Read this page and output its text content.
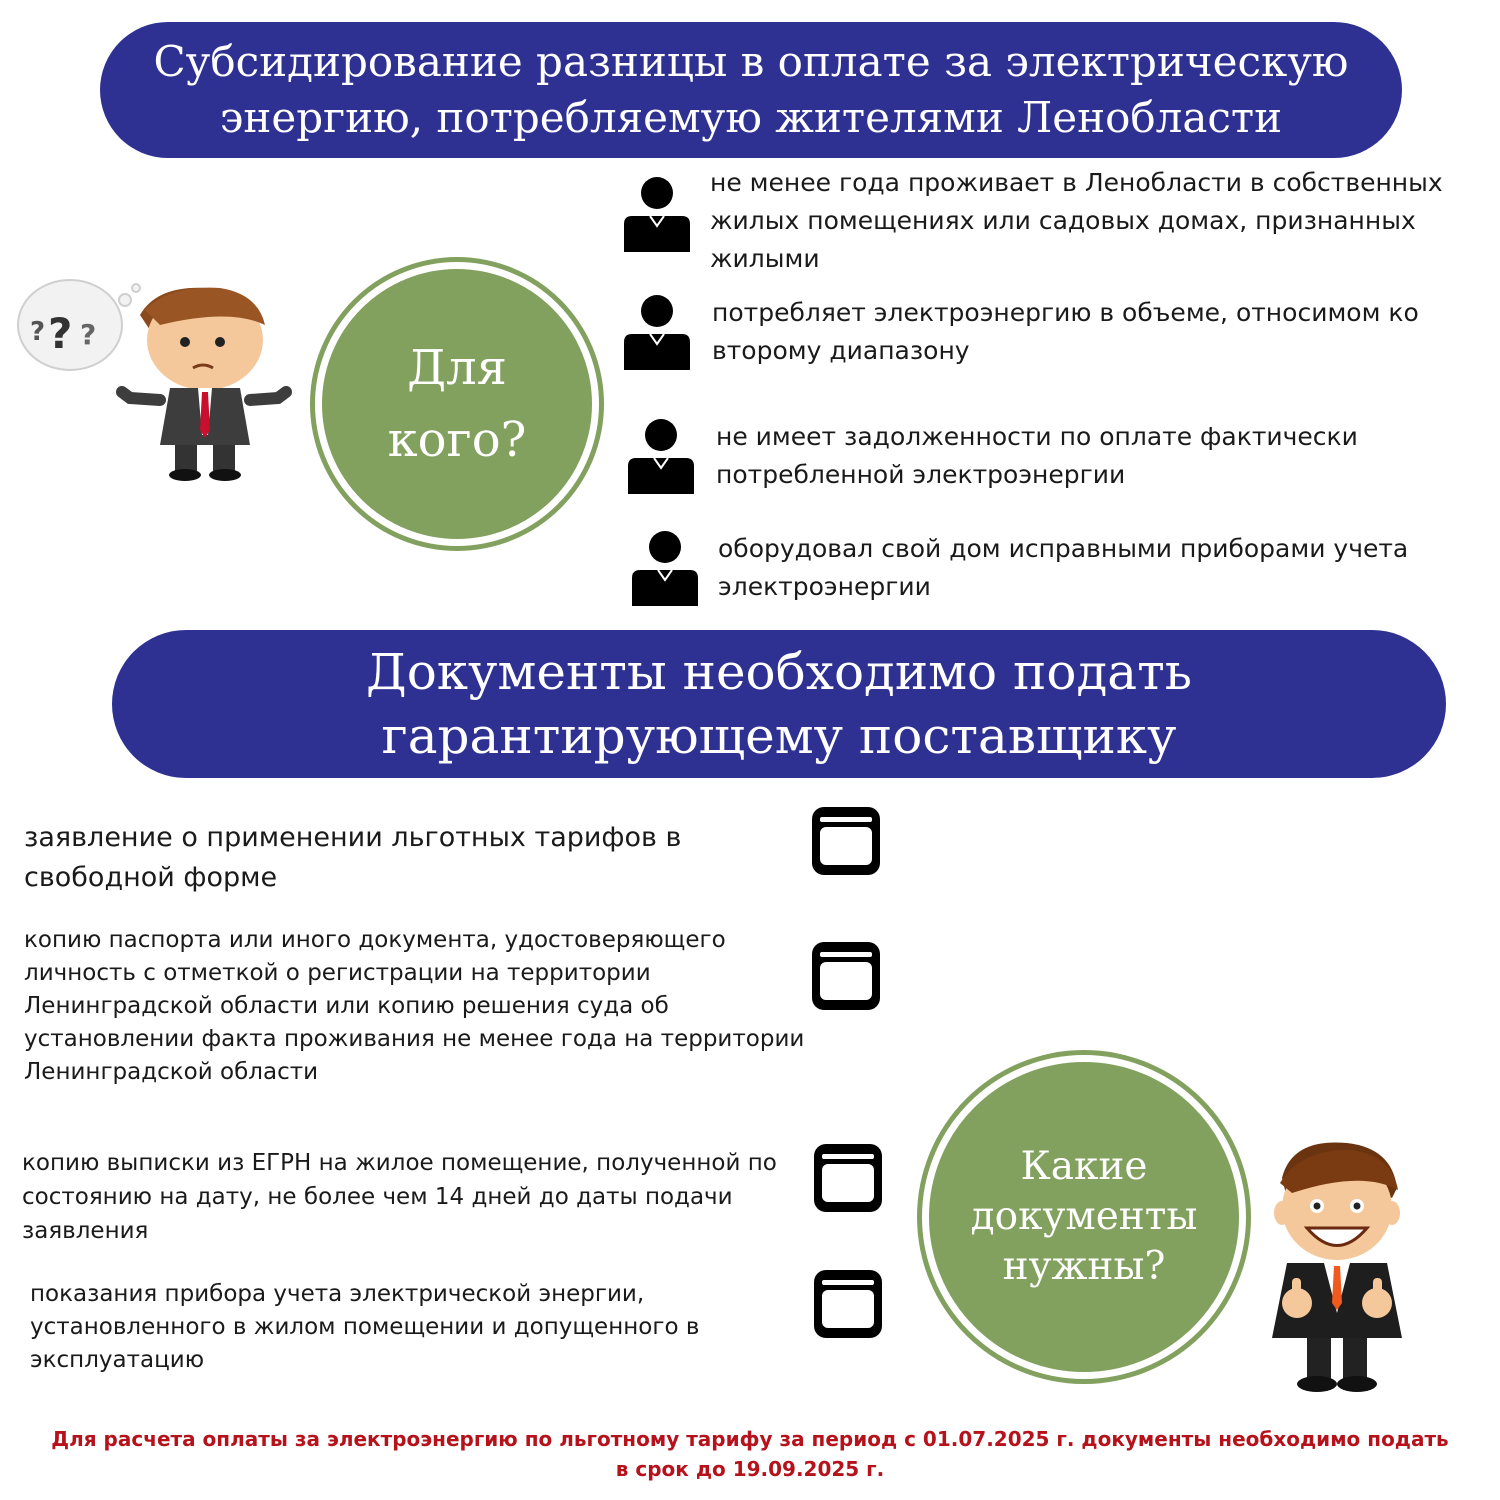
Субсидирование разницы в оплате за электрическую
энергию, потребляемую жителями Ленобласти
? ? ?
Для
кого?
не менее года проживает в Ленобласти в собственных жилых помещениях или садовых домах, признанных жилыми
потребляет электроэнергию в объеме, относимом ко второму диапазону
не имеет задолженности по оплате фактически потребленной электроэнергии
оборудовал свой дом исправными приборами учета электроэнергии
Документы необходимо подать
гарантирующему поставщику
заявление о применении льготных тарифов в свободной форме
копию паспорта или иного документа, удостоверяющего личность с отметкой о регистрации на территории Ленинградской области или копию решения суда об установлении факта проживания не менее года на территории Ленинградской области
копию выписки из ЕГРН на жилое помещение, полученной по состоянию на дату, не более чем 14 дней до даты подачи заявления
показания прибора учета электрической энергии, установленного в жилом помещении и допущенного в эксплуатацию
Какие
документы
нужны?
Для расчета оплаты за электроэнергию по льготному тарифу за период с 01.07.2025 г. документы необходимо подать
в срок до 19.09.2025 г.
